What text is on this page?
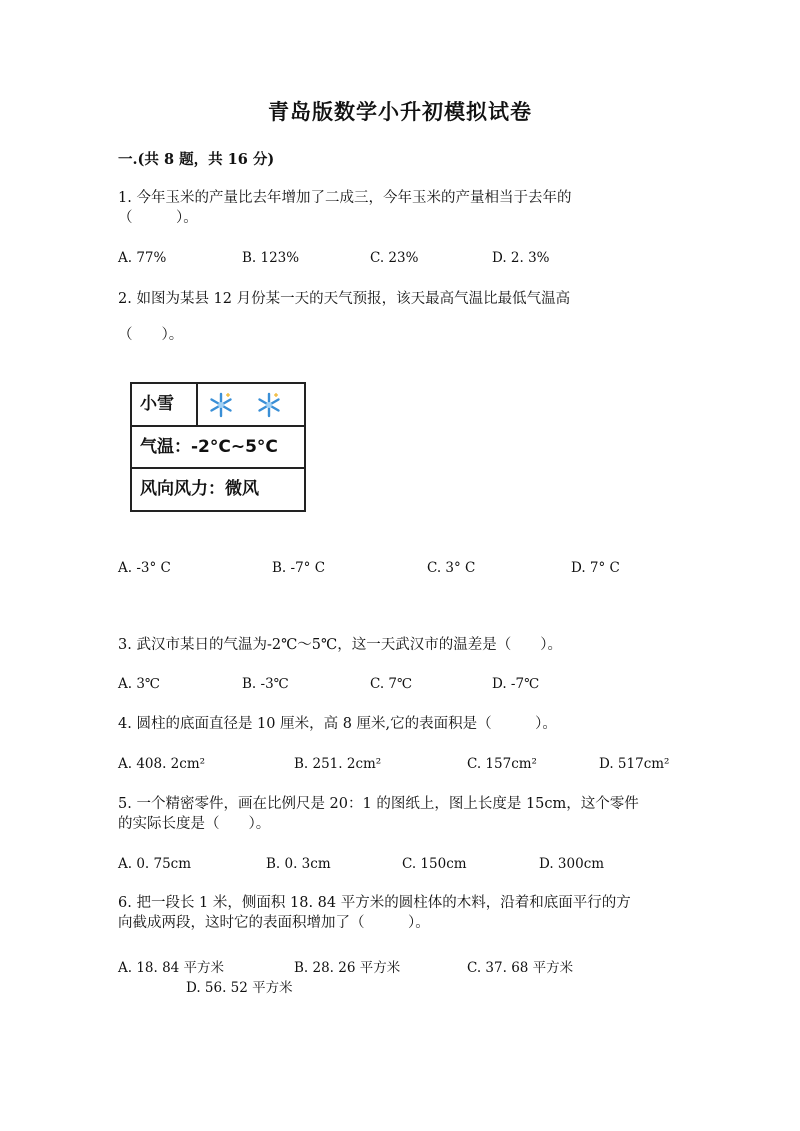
青岛版数学小升初模拟试卷
一.(共 8 题，共 16 分)
1. 今年玉米的产量比去年增加了二成三，今年玉米的产量相当于去年的
（　　　）。
A. 77%	B. 123%	C. 23%	D. 2. 3%
2. 如图为某县 12 月份某一天的天气预报，该天最高气温比最低气温高
（　　）。
小雪
气温：-2°C~5°C
风向风力：微风
A. -3° C	B. -7° C	C. 3° C	D. 7° C
3. 武汉市某日的气温为-2℃～5℃，这一天武汉市的温差是（　　）。
A. 3℃	B. -3℃	C. 7℃	D. -7℃
4. 圆柱的底面直径是 10 厘米，高 8 厘米,它的表面积是（　　　）。
A. 408. 2cm²	B. 251. 2cm²	C. 157cm²	D. 517cm²
5. 一个精密零件，画在比例尺是 20：1 的图纸上，图上长度是 15cm，这个零件
的实际长度是（　　）。
A. 0. 75cm	B. 0. 3cm	C. 150cm	D. 300cm
6. 把一段长 1 米，侧面积 18. 84 平方米的圆柱体的木料，沿着和底面平行的方
向截成两段，这时它的表面积增加了（　　　）。
A. 18. 84 平方米	B. 28. 26 平方米	C. 37. 68 平方米
D. 56. 52 平方米
